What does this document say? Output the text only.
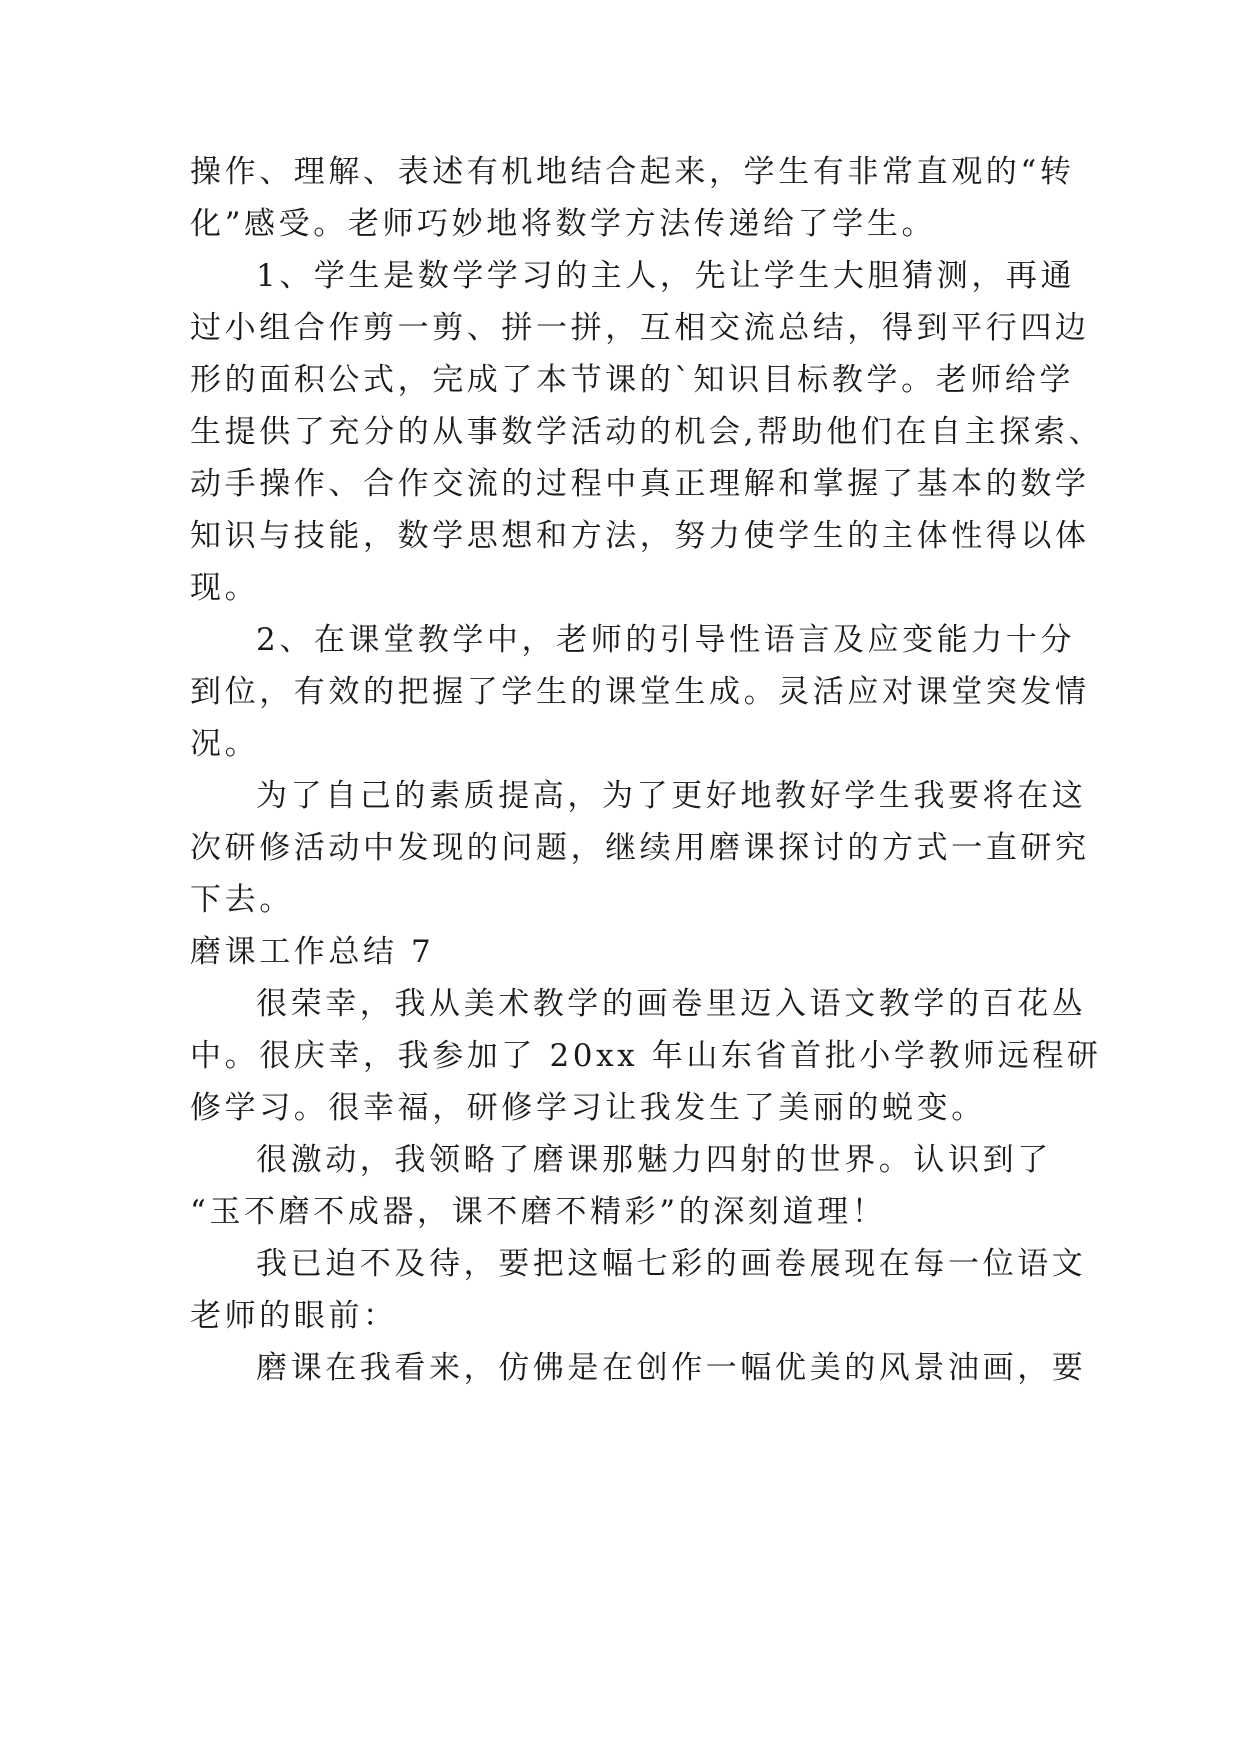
操作、理解、表述有机地结合起来，学生有非常直观的“转
化”感受。老师巧妙地将数学方法传递给了学生。
1、学生是数学学习的主人，先让学生大胆猜测，再通
过小组合作剪一剪、拼一拼，互相交流总结，得到平行四边
形的面积公式，完成了本节课的`知识目标教学。老师给学
生提供了充分的从事数学活动的机会,帮助他们在自主探索、
动手操作、合作交流的过程中真正理解和掌握了基本的数学
知识与技能，数学思想和方法，努力使学生的主体性得以体
现。
2、在课堂教学中，老师的引导性语言及应变能力十分
到位，有效的把握了学生的课堂生成。灵活应对课堂突发情
况。
为了自己的素质提高，为了更好地教好学生我要将在这
次研修活动中发现的问题，继续用磨课探讨的方式一直研究
下去。
磨课工作总结 7
很荣幸，我从美术教学的画卷里迈入语文教学的百花丛
中。很庆幸，我参加了 20xx 年山东省首批小学教师远程研
修学习。很幸福，研修学习让我发生了美丽的蜕变。
很激动，我领略了磨课那魅力四射的世界。认识到了
“玉不磨不成器，课不磨不精彩”的深刻道理！
我已迫不及待，要把这幅七彩的画卷展现在每一位语文
老师的眼前：
磨课在我看来，仿佛是在创作一幅优美的风景油画，要
